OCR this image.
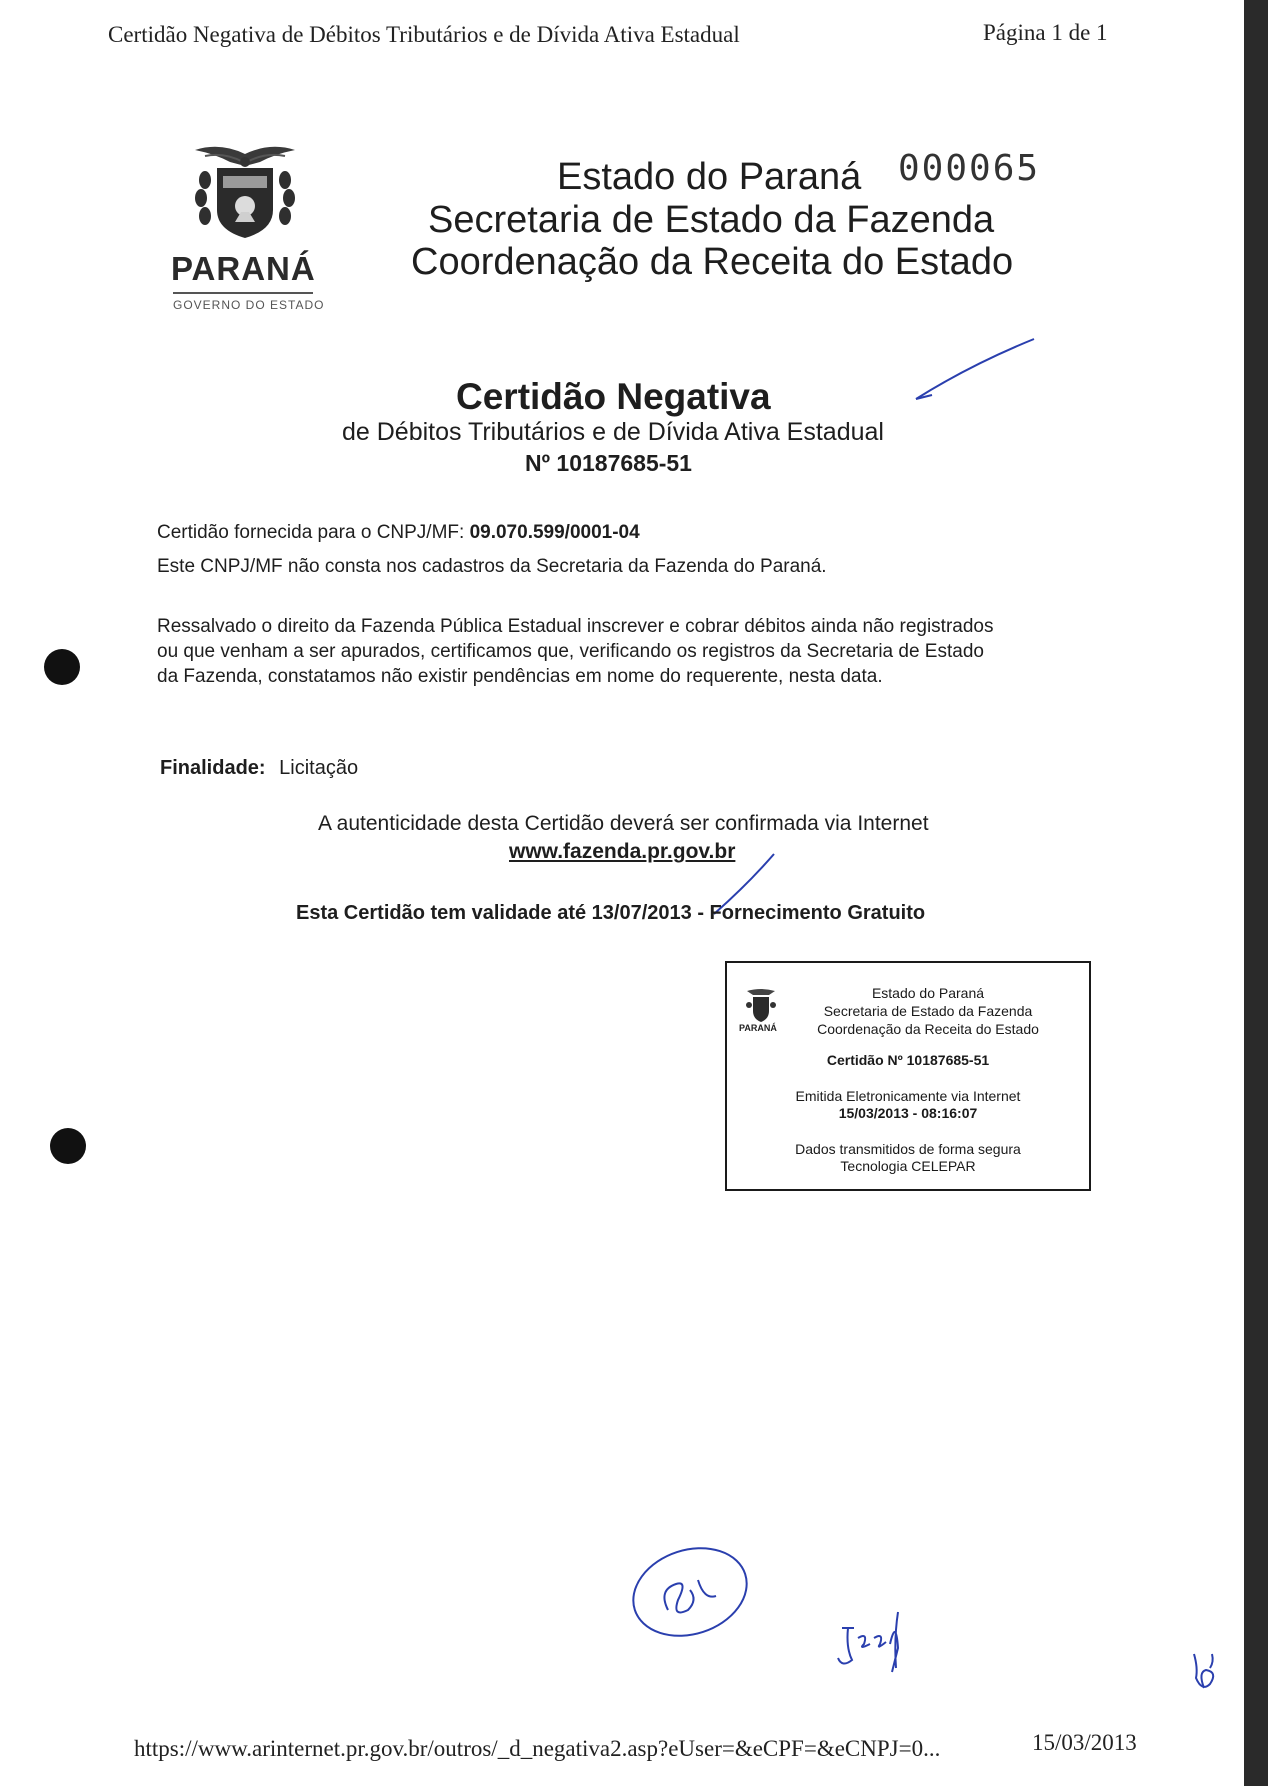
Certidão Negativa de Débitos Tributários e de Dívida Ativa Estadual	Página 1 de 1
PARANÁ
GOVERNO DO ESTADO
Estado do Paraná
Secretaria de Estado da Fazenda
Coordenação da Receita do Estado
000065
Certidão Negativa
de Débitos Tributários e de Dívida Ativa Estadual
Nº 10187685-51
Certidão fornecida para o CNPJ/MF: 09.070.599/0001-04
Este CNPJ/MF não consta nos cadastros da Secretaria da Fazenda do Paraná.
Ressalvado o direito da Fazenda Pública Estadual inscrever e cobrar débitos ainda não registrados
ou que venham a ser apurados, certificamos que, verificando os registros da Secretaria de Estado
da Fazenda, constatamos não existir pendências em nome do requerente, nesta data.
Finalidade: Licitação
A autenticidade desta Certidão deverá ser confirmada via Internet
www.fazenda.pr.gov.br
Esta Certidão tem validade até 13/07/2013 - Fornecimento Gratuito
PARANÁ
Estado do Paraná
Secretaria de Estado da Fazenda
Coordenação da Receita do Estado
Certidão Nº 10187685-51
Emitida Eletronicamente via Internet
15/03/2013 - 08:16:07
Dados transmitidos de forma segura
Tecnologia CELEPAR
https://www.arinternet.pr.gov.br/outros/_d_negativa2.asp?eUser=&eCPF=&eCNPJ=0...	15/03/2013
